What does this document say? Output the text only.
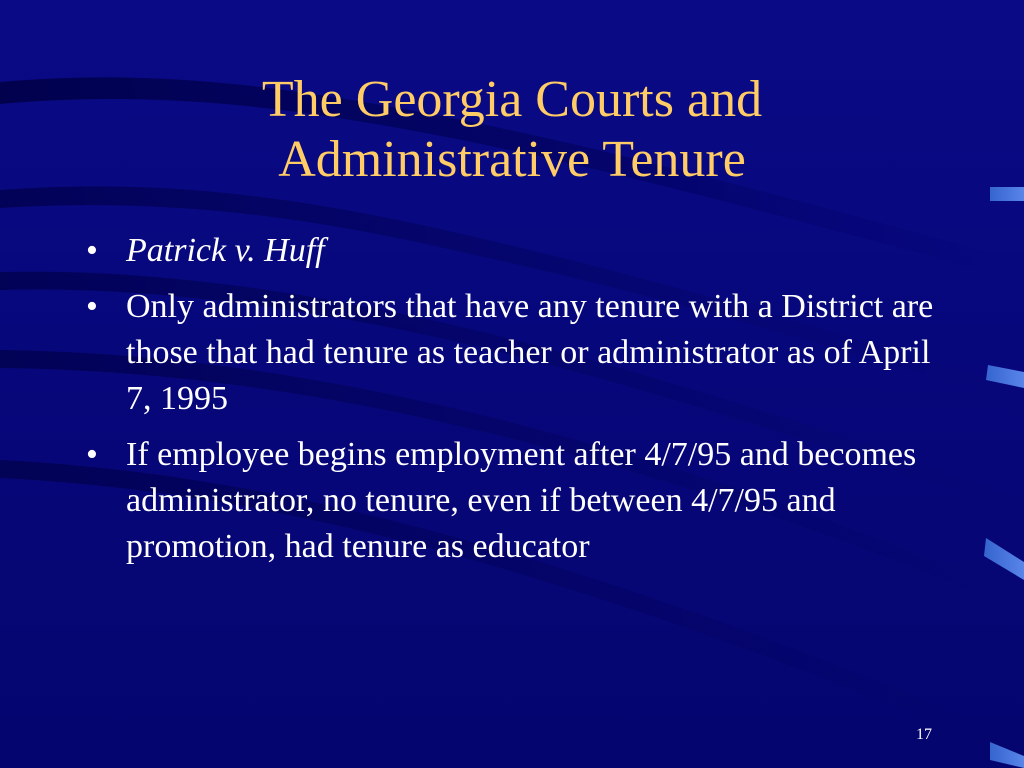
The Georgia Courts and
Administrative Tenure
• Patrick v. Huff
• Only administrators that have any tenure with a District are those that had tenure as teacher or administrator as of April 7, 1995
• If employee begins employment after 4/7/95 and becomes administrator, no tenure, even if between 4/7/95 and promotion, had tenure as educator
17
